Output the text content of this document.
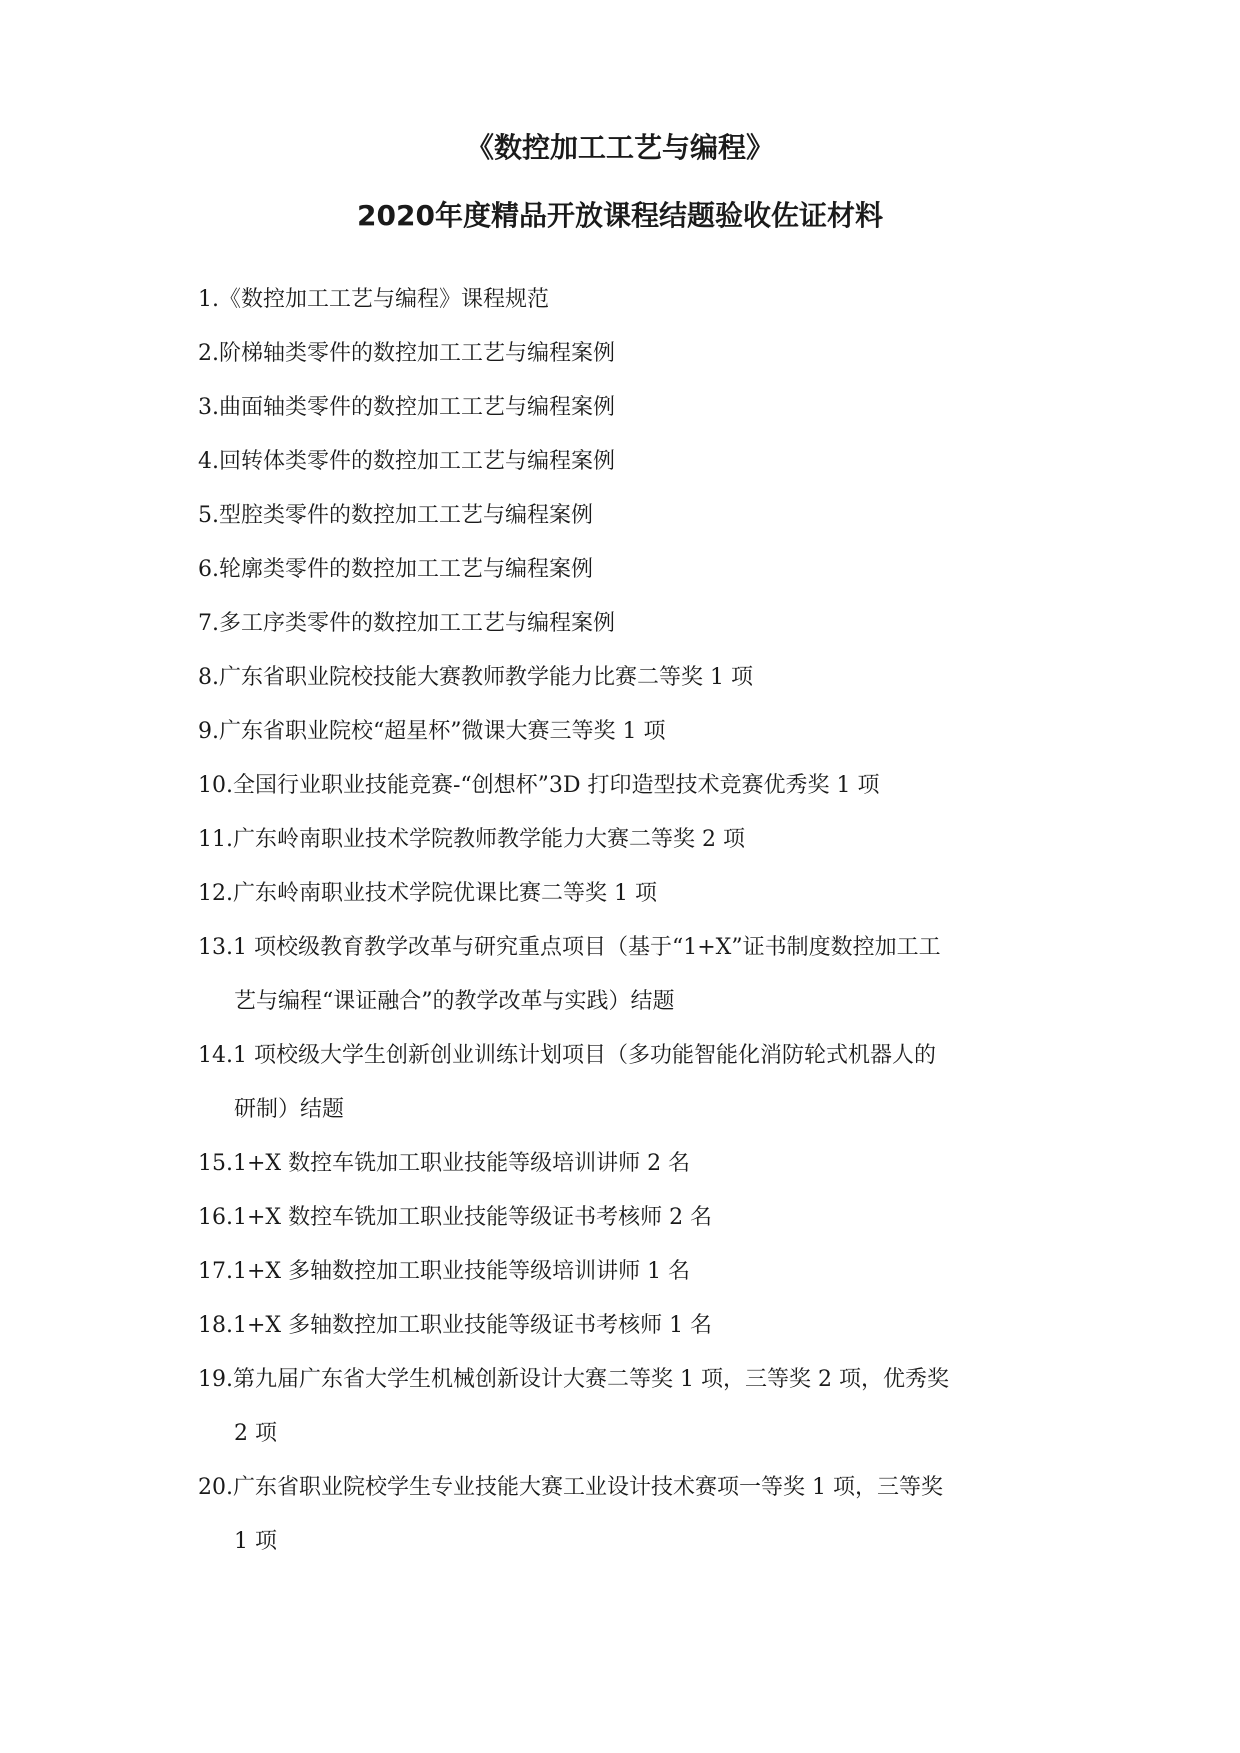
《数控加工工艺与编程》
2020年度精品开放课程结题验收佐证材料
1.《数控加工工艺与编程》课程规范
2.阶梯轴类零件的数控加工工艺与编程案例
3.曲面轴类零件的数控加工工艺与编程案例
4.回转体类零件的数控加工工艺与编程案例
5.型腔类零件的数控加工工艺与编程案例
6.轮廓类零件的数控加工工艺与编程案例
7.多工序类零件的数控加工工艺与编程案例
8.广东省职业院校技能大赛教师教学能力比赛二等奖 1 项
9.广东省职业院校“超星杯”微课大赛三等奖 1 项
10.全国行业职业技能竞赛-“创想杯”3D 打印造型技术竞赛优秀奖 1 项
11.广东岭南职业技术学院教师教学能力大赛二等奖 2 项
12.广东岭南职业技术学院优课比赛二等奖 1 项
13.1 项校级教育教学改革与研究重点项目（基于“1+X”证书制度数控加工工
艺与编程“课证融合”的教学改革与实践）结题
14.1 项校级大学生创新创业训练计划项目（多功能智能化消防轮式机器人的
研制）结题
15.1+X 数控车铣加工职业技能等级培训讲师 2 名
16.1+X 数控车铣加工职业技能等级证书考核师 2 名
17.1+X 多轴数控加工职业技能等级培训讲师 1 名
18.1+X 多轴数控加工职业技能等级证书考核师 1 名
19.第九届广东省大学生机械创新设计大赛二等奖 1 项，三等奖 2 项，优秀奖
2 项
20.广东省职业院校学生专业技能大赛工业设计技术赛项一等奖 1 项，三等奖
1 项
